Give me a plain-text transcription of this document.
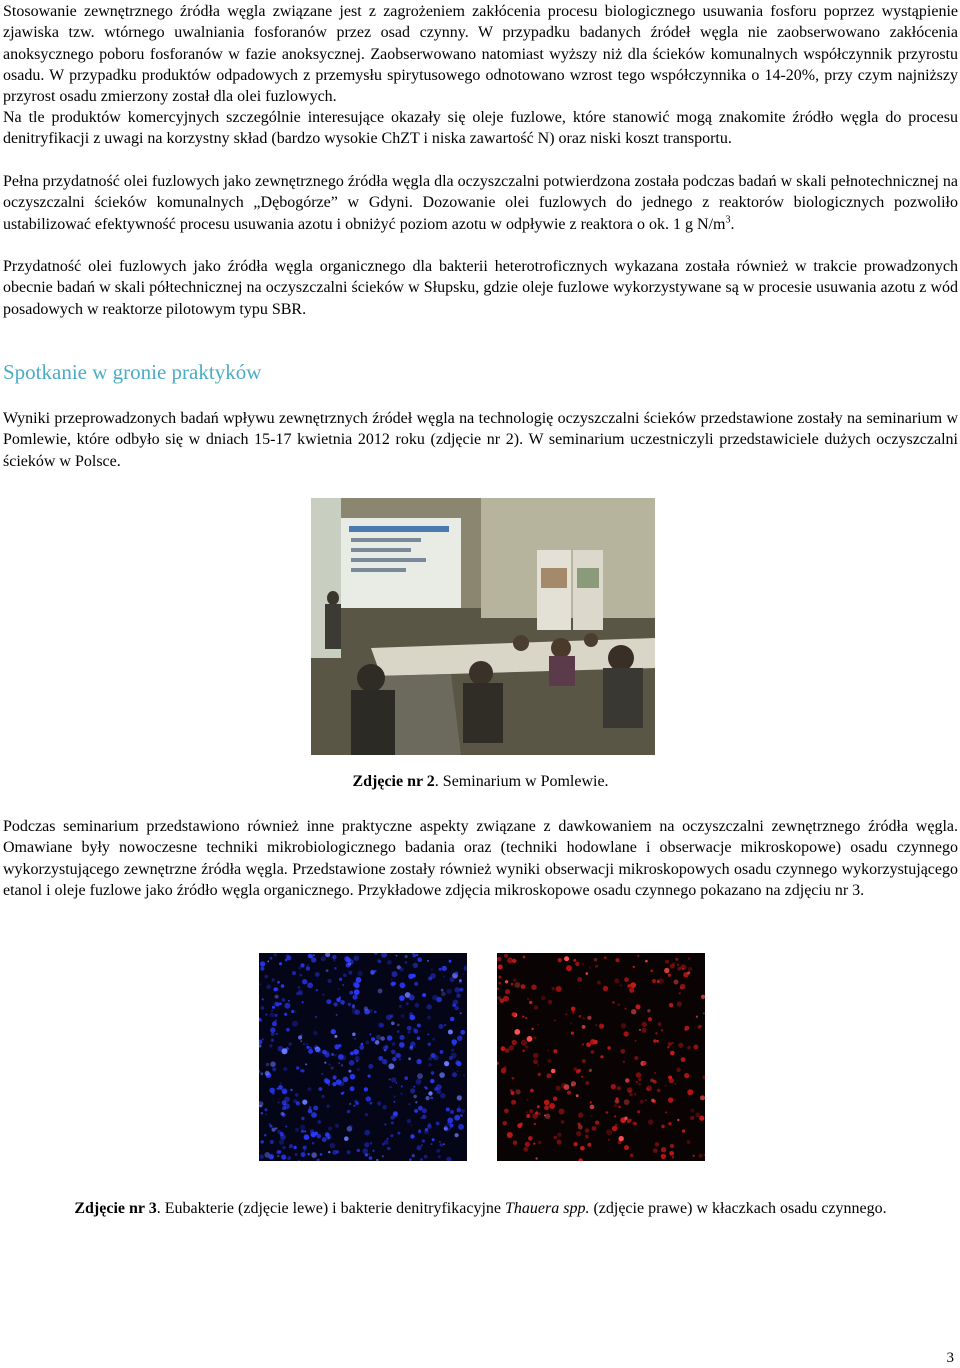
Stosowanie zewnętrznego źródła węgla związane jest z zagrożeniem zakłócenia procesu biologicznego usuwania fosforu poprzez wystąpienie zjawiska tzw. wtórnego uwalniania fosforanów przez osad czynny. W przypadku badanych źródeł węgla nie zaobserwowano zakłócenia anoksycznego poboru fosforanów w fazie anoksycznej. Zaobserwowano natomiast wyższy niż dla ścieków komunalnych współczynnik przyrostu osadu. W przypadku produktów odpadowych z przemysłu spirytusowego odnotowano wzrost tego współczynnika o 14-20%, przy czym najniższy przyrost osadu zmierzony został dla olei fuzlowych.

Na tle produktów komercyjnych szczególnie interesujące okazały się oleje fuzlowe, które stanowić mogą znakomite źródło węgla do procesu denitryfikacji z uwagi na korzystny skład (bardzo wysokie ChZT i niska zawartość N) oraz niski koszt transportu.

Pełna przydatność olei fuzlowych jako zewnętrznego źródła węgla dla oczyszczalni potwierdzona została podczas badań w skali pełnotechnicznej na oczyszczalni ścieków komunalnych „Dębogórze” w Gdyni. Dozowanie olei fuzlowych do jednego z reaktorów biologicznych pozwoliło ustabilizować efektywność procesu usuwania azotu i obniżyć poziom azotu w odpływie z reaktora o ok. 1 g $N/m^3$.

Przydatność olei fuzlowych jako źródła węgla organicznego dla bakterii heterotroficznych wykazana została również w trakcie prowadzonych obecnie badań w skali półtechnicznej na oczyszczalni ścieków w Słupsku, gdzie oleje fuzlowe wykorzystywane są w procesie usuwania azotu z wód posadowych w reaktorze pilotowym typu SBR.

Spotkanie w gronie praktyków

Wyniki przeprowadzonych badań wpływu zewnętrznych źródeł węgla na technologię oczyszczalni ścieków przedstawione zostały na seminarium w Pomlewie, które odbyło się w dniach 15-17 kwietnia 2012 roku (zdjęcie nr 2). W seminarium uczestniczyli przedstawiciele dużych oczyszczalni ścieków w Polsce.

Zdjęcie nr 2. Seminarium w Pomlewie.

Podczas seminarium przedstawiono również inne praktyczne aspekty związane z dawkowaniem na oczyszczalni zewnętrznego źródła węgla. Omawiane były nowoczesne techniki mikrobiologicznego badania oraz (techniki hodowlane i obserwacje mikroskopowe) osadu czynnego wykorzystującego zewnętrzne źródła węgla. Przedstawione zostały również wyniki obserwacji mikroskopowych osadu czynnego wykorzystującego etanol i oleje fuzlowe jako źródło węgla organicznego. Przykładowe zdjęcia mikroskopowe osadu czynnego pokazano na zdjęciu nr 3.

Zdjęcie nr 3. Eubakterie (zdjęcie lewe) i bakterie denitryfikacyjne Thauera spp. (zdjęcie prawe) w kłaczkach osadu czynnego.
3
